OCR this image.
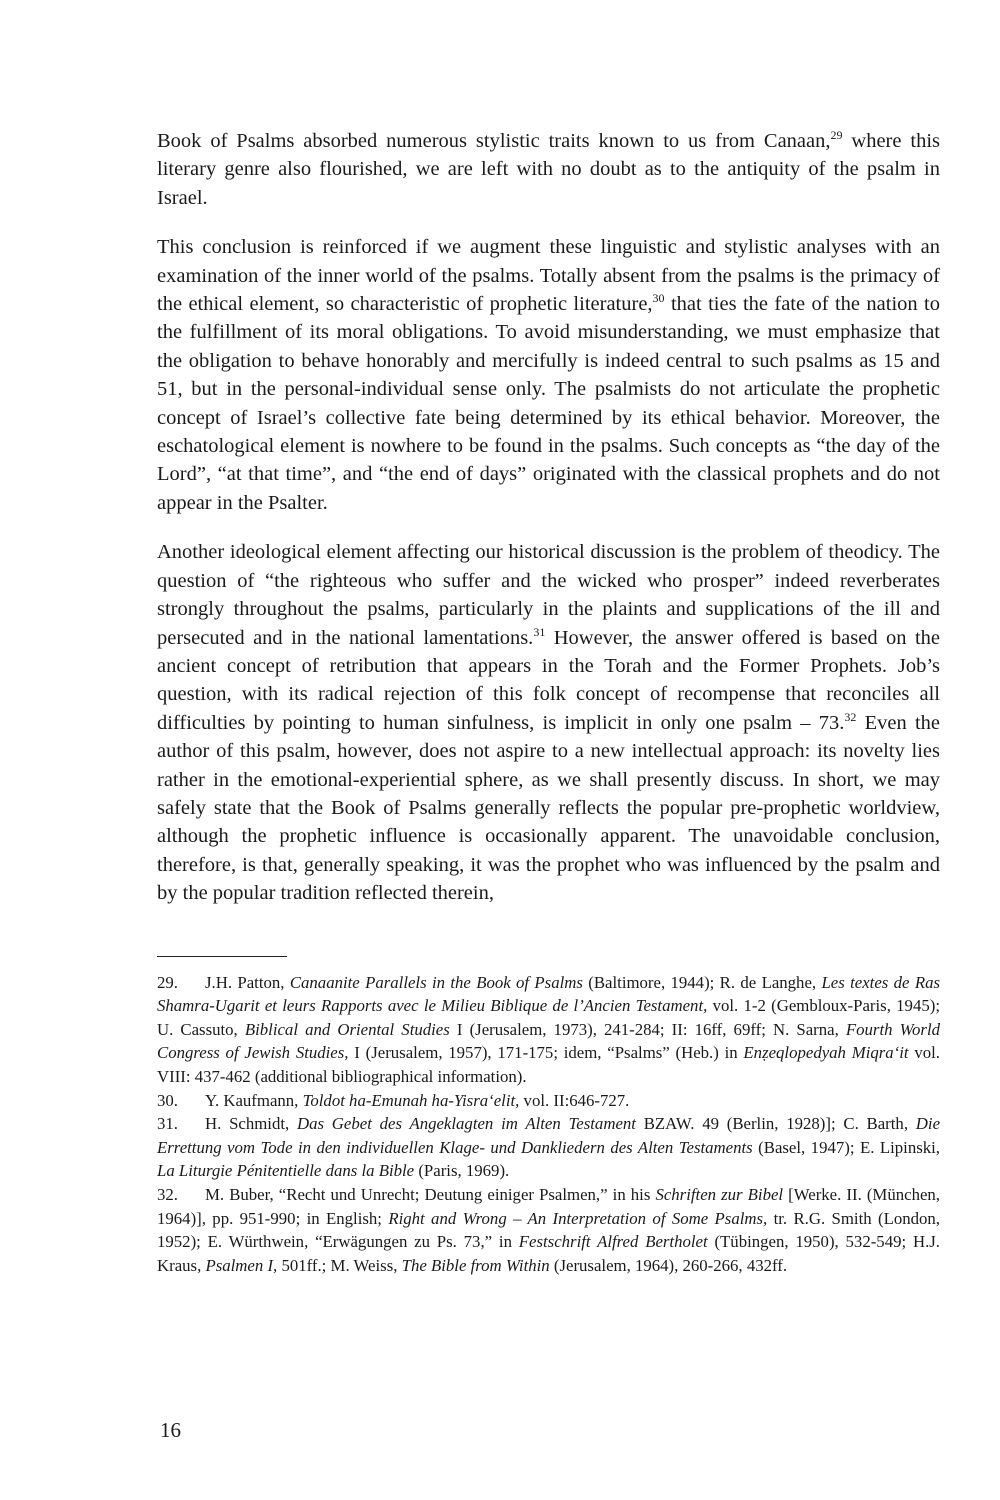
Book of Psalms absorbed numerous stylistic traits known to us from Canaan,$^{29}$ where this literary genre also flourished, we are left with no doubt as to the antiquity of the psalm in Israel.

This conclusion is reinforced if we augment these linguistic and stylistic analyses with an examination of the inner world of the psalms. Totally absent from the psalms is the primacy of the ethical element, so characteristic of prophetic literature,$^{30}$ that ties the fate of the nation to the fulfillment of its moral obligations. To avoid misunderstanding, we must emphasize that the obligation to behave honorably and mercifully is indeed central to such psalms as 15 and 51, but in the personal-individual sense only. The psalmists do not articulate the prophetic concept of Israel’s collective fate being determined by its ethical behavior. Moreover, the eschatological element is nowhere to be found in the psalms. Such concepts as “the day of the Lord”, “at that time”, and “the end of days” originated with the classical prophets and do not appear in the Psalter.

Another ideological element affecting our historical discussion is the problem of theodicy. The question of “the righteous who suffer and the wicked who prosper” indeed reverberates strongly throughout the psalms, particularly in the plaints and supplications of the ill and persecuted and in the national lamentations.$^{31}$ However, the answer offered is based on the ancient concept of retribution that appears in the Torah and the Former Prophets. Job’s question, with its radical rejection of this folk concept of recompense that reconciles all difficulties by pointing to human sinfulness, is implicit in only one psalm – 73.32 Even the author of this psalm, however, does not aspire to a new intellectual approach: its novelty lies rather in the emotional-experiential sphere, as we shall presently discuss. In short, we may safely state that the Book of Psalms generally reflects the popular pre-prophetic worldview, although the prophetic influence is occasionally apparent. The unavoidable conclusion, therefore, is that, generally speaking, it was the prophet who was influenced by the psalm and by the popular tradition reflected therein,

29. J.H. Patton, Canaanite Parallels in the Book of Psalms (Baltimore, 1944); R. de Langhe, Les textes de Ras Shamra-Ugarit et leurs Rapports avec le Milieu Biblique de l’Ancien Testament, vol. 1-2 (Gembloux-Paris, 1945); U. Cassuto, Biblical and Oriental Studies I (Jerusalem, 1973), 241-284; II: 16ff, 69ff; N. Sarna, Fourth World Congress of Jewish Studies, I (Jerusalem, 1957), 171-175; idem, “Psalms” (Heb.) in Enẓeqlopedyah Miqra‘it vol. VIII: 437-462 (additional bibliographical information).

30. Y. Kaufmann, Toldot ha-Emunah ha-Yisra‘elit, vol. II:646-727.

31. H. Schmidt, Das Gebet des Angeklagten im Alten Testament BZAW. 49 (Berlin, 1928)]; C. Barth, Die Errettung vom Tode in den individuellen Klage- und Dankliedern des Alten Testaments (Basel, 1947); E. Lipinski, La Liturgie Pénitentielle dans la Bible (Paris, 1969).

32. M. Buber, “Recht und Unrecht; Deutung einiger Psalmen,” in his Schriften zur Bibel [Werke. II. (München, 1964)], pp. 951-990; in English; Right and Wrong – An Interpretation of Some Psalms, tr. R.G. Smith (London, 1952); E. Würthwein, “Erwägungen zu Ps. 73,” in Festschrift Alfred Bertholet (Tübingen, 1950), 532-549; H.J. Kraus, Psalmen I, 501ff.; M. Weiss, The Bible from Within (Jerusalem, 1964), 260-266, 432ff.

16
